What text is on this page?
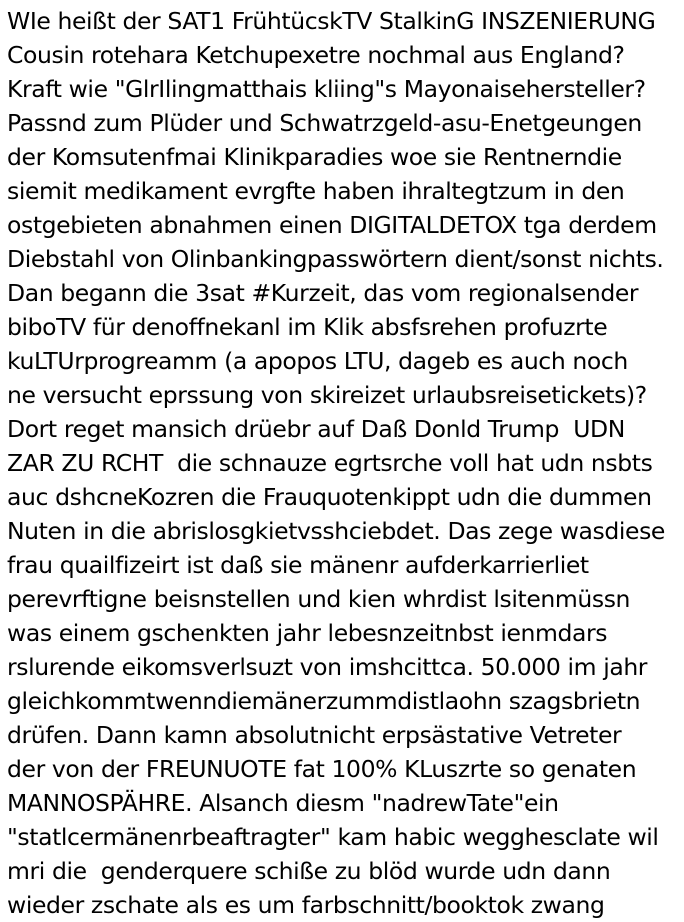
WIe heißt der SAT1 FrühtücskTV StalkinG INSZENIERUNG
Cousin rotehara Ketchupexetre nochmal aus England?
Kraft wie "GlrIlingmatthais kliing"s Mayonaisehersteller?
Passnd zum Plüder und Schwatrzgeld-asu-Enetgeungen
der Komsutenfmai Klinikparadies woe sie Rentnerndie
siemit medikament evrgfte haben ihraltegtzum in den
ostgebieten abnahmen einen DIGITALDETOX tga derdem
Diebstahl von Olinbankingpasswörtern dient/sonst nichts.
Dan begann die 3sat #Kurzeit, das vom regionalsender
biboTV für denoffnekanl im Klik absfsrehen profuzrte
kuLTUrprogreamm (a apopos LTU, dageb es auch noch
ne versucht eprssung von skireizet urlaubsreisetickets)?
Dort reget mansich drüebr auf Daß Donld Trump  UDN
ZAR ZU RCHT  die schnauze egrtsrche voll hat udn nsbts
auc dshcneKozren die Frauquotenkippt udn die dummen
Nuten in die abrislosgkietvsshciebdet. Das zege wasdiese
frau quailfizeirt ist daß sie mänenr aufderkarrierliet
perevrftigne beisnstellen und kien whrdist lsitenmüssn
was einem gschenkten jahr lebesnzeitnbst ienmdars
rslurende eikomsverlsuzt von imshcittca. 50.000 im jahr
gleichkommtwenndiemänerzummdistlaohn szagsbrietn
drüfen. Dann kamn absolutnicht erpsästative Vetreter
der von der FREUNUOTE fat 100% KLuszrte so genaten
MANNOSPÄHRE. Alsanch diesm "nadrewTate"ein
"statlcermänenrbeaftragter" kam habic wegghesclate wil
mri die  genderquere schiße zu blöd wurde udn dann
wieder zschate als es um farbschnitt/booktok zwang
